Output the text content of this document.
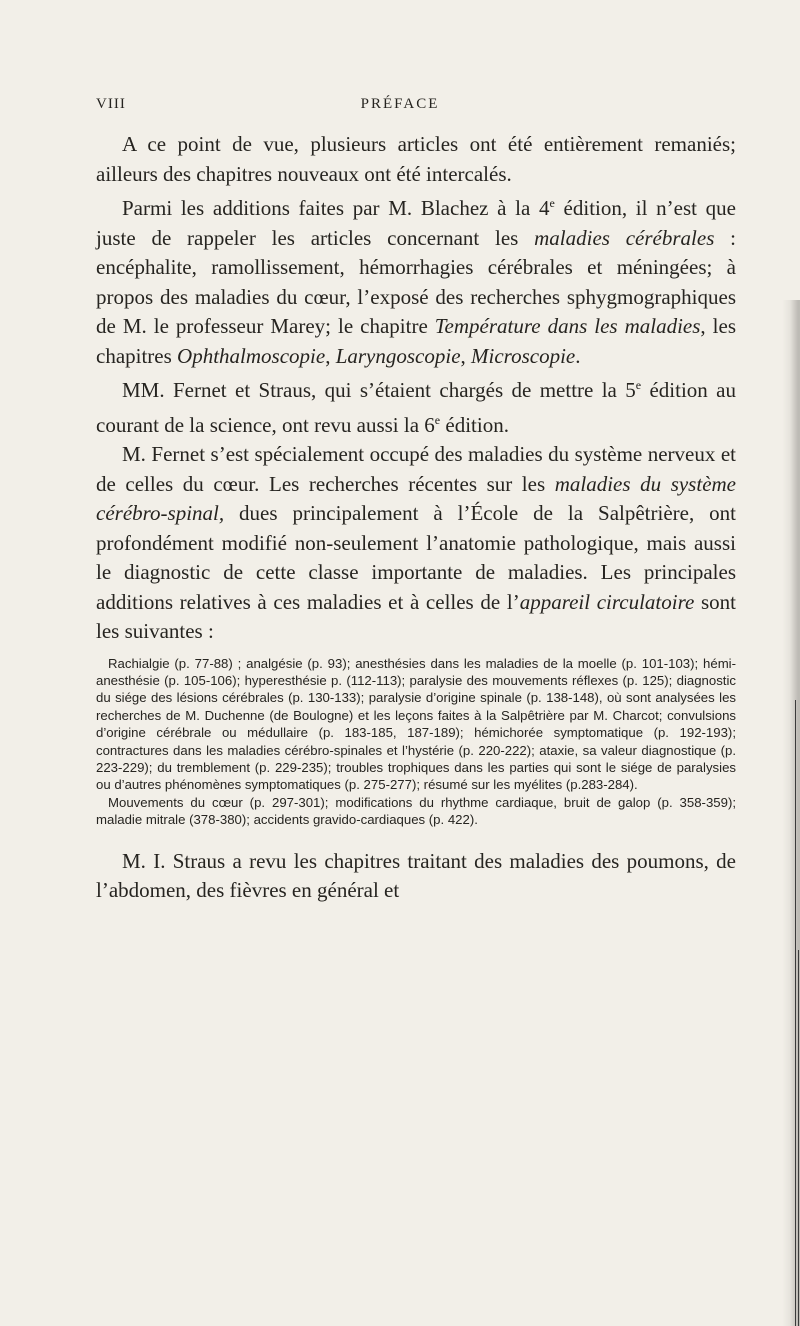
VIII	PRÉFACE

A ce point de vue, plusieurs articles ont été entièrement remaniés; ailleurs des chapitres nouveaux ont été intercalés.

Parmi les additions faites par M. Blachez à la 4e édition, il n’est que juste de rappeler les articles concernant les maladies cérébrales : encéphalite, ramollissement, hémorrhagies cérébrales et méningées; à propos des maladies du cœur, l’exposé des recherches sphygmographiques de M. le professeur Marey; le chapitre Température dans les maladies, les chapitres Ophthalmoscopie, Laryngoscopie, Microscopie.

MM. Fernet et Straus, qui s’étaient chargés de mettre la 5e édition au courant de la science, ont revu aussi la 6e édition.

M. Fernet s’est spécialement occupé des maladies du système nerveux et de celles du cœur. Les recherches récentes sur les maladies du système cérébro-spinal, dues principalement à l’École de la Salpêtrière, ont profondément modifié non-seulement l’anatomie pathologique, mais aussi le diagnostic de cette classe importante de maladies. Les principales additions relatives à ces maladies et à celles de l’appareil circulatoire sont les suivantes :

Rachialgie (p. 77-88) ; analgésie (p. 93); anesthésies dans les maladies de la moelle (p. 101-103); hémi-anesthésie (p. 105-106); hyperesthésie p. (112-113); paralysie des mouvements réflexes (p. 125); diagnostic du siége des lésions cérébrales (p. 130-133); paralysie d’origine spinale (p. 138-148), où sont analysées les recherches de M. Duchenne (de Boulogne) et les leçons faites à la Salpêtrière par M. Charcot; convulsions d’origine cérébrale ou médullaire (p. 183-185, 187-189); hémichorée symptomatique (p. 192-193); contractures dans les maladies cérébro-spinales et l’hystérie (p. 220-222); ataxie, sa valeur diagnostique (p. 223-229); du tremblement (p. 229-235); troubles trophiques dans les parties qui sont le siége de paralysies ou d’autres phénomènes symptomatiques (p. 275-277); résumé sur les myélites (p.283-284).

Mouvements du cœur (p. 297-301); modifications du rhythme cardiaque, bruit de galop (p. 358-359); maladie mitrale (378-380); accidents gravido-cardiaques (p. 422).

M. I. Straus a revu les chapitres traitant des maladies des poumons, de l’abdomen, des fièvres en général et
